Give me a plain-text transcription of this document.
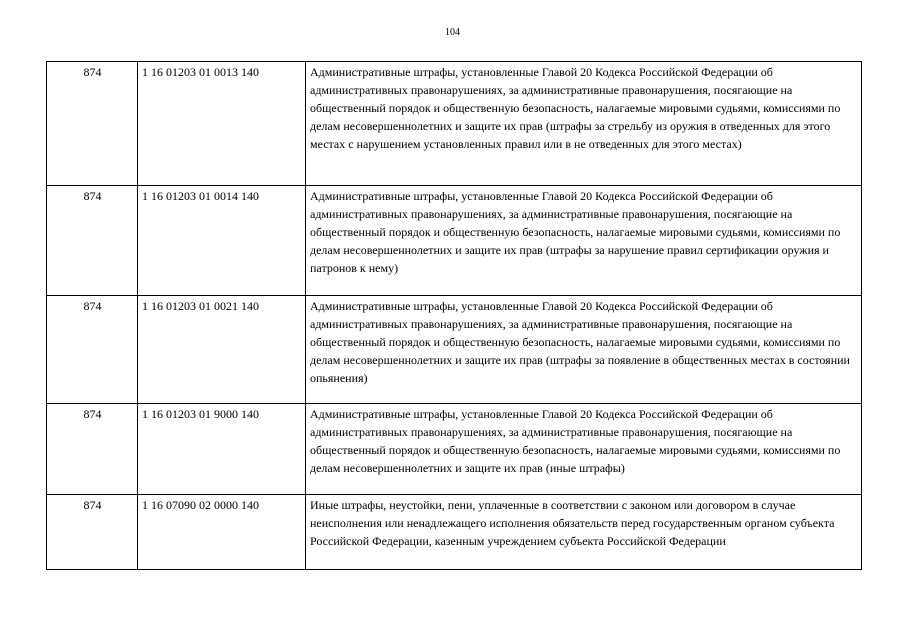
104
874	1 16 01203 01 0013 140	Административные штрафы, установленные Главой 20 Кодекса Российской Федерации об административных правонарушениях, за административные правонарушения, посягающие на общественный порядок и общественную безопасность, налагаемые мировыми судьями, комиссиями по делам несовершеннолетних и защите их прав (штрафы за стрельбу из оружия в отведенных для этого местах с нарушением установленных правил или в не отведенных для этого местах)
874	1 16 01203 01 0014 140	Административные штрафы, установленные Главой 20 Кодекса Российской Федерации об административных правонарушениях, за административные правонарушения, посягающие на общественный порядок и общественную безопасность, налагаемые мировыми судьями, комиссиями по делам несовершеннолетних и защите их прав (штрафы за нарушение правил сертификации оружия и патронов к нему)
874	1 16 01203 01 0021 140	Административные штрафы, установленные Главой 20 Кодекса Российской Федерации об административных правонарушениях, за административные правонарушения, посягающие на общественный порядок и общественную безопасность, налагаемые мировыми судьями, комиссиями по делам несовершеннолетних и защите их прав (штрафы за появление в общественных местах в состоянии опьянения)
874	1 16 01203 01 9000 140	Административные штрафы, установленные Главой 20 Кодекса Российской Федерации об административных правонарушениях, за административные правонарушения, посягающие на общественный порядок и общественную безопасность, налагаемые мировыми судьями, комиссиями по делам несовершеннолетних и защите их прав (иные штрафы)
874	1 16 07090 02 0000 140	Иные штрафы, неустойки, пени, уплаченные в соответствии с законом или договором в случае неисполнения или ненадлежащего исполнения обязательств перед государственным органом субъекта Российской Федерации, казенным учреждением субъекта Российской Федерации
